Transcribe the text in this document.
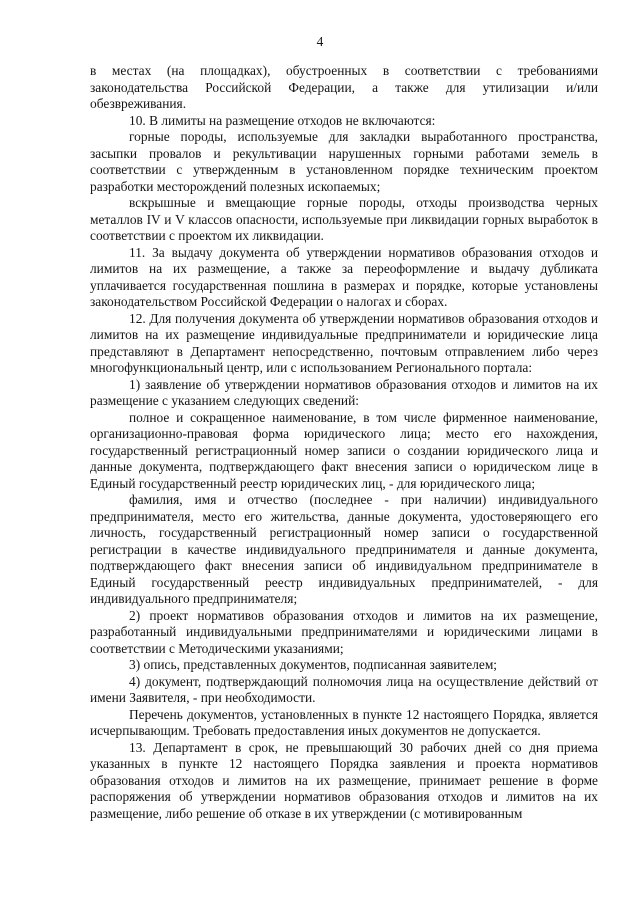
4

в местах (на площадках), обустроенных в соответствии с требованиями законодательства Российской Федерации, а также для утилизации и/или обезвреживания.

10. В лимиты на размещение отходов не включаются:

горные породы, используемые для закладки выработанного пространства, засыпки провалов и рекультивации нарушенных горными работами земель в соответствии с утвержденным в установленном порядке техническим проектом разработки месторождений полезных ископаемых;

вскрышные и вмещающие горные породы, отходы производства черных металлов IV и V классов опасности, используемые при ликвидации горных выработок в соответствии с проектом их ликвидации.

11. За выдачу документа об утверждении нормативов образования отходов и лимитов на их размещение, а также за переоформление и выдачу дубликата уплачивается государственная пошлина в размерах и порядке, которые установлены законодательством Российской Федерации о налогах и сборах.

12. Для получения документа об утверждении нормативов образования отходов и лимитов на их размещение индивидуальные предприниматели и юридические лица представляют в Департамент непосредственно, почтовым отправлением либо через многофункциональный центр, или с использованием Регионального портала:

1) заявление об утверждении нормативов образования отходов и лимитов на их размещение с указанием следующих сведений:

полное и сокращенное наименование, в том числе фирменное наименование, организационно-правовая форма юридического лица; место его нахождения, государственный регистрационный номер записи о создании юридического лица и данные документа, подтверждающего факт внесения записи о юридическом лице в Единый государственный реестр юридических лиц, - для юридического лица;

фамилия, имя и отчество (последнее - при наличии) индивидуального предпринимателя, место его жительства, данные документа, удостоверяющего его личность, государственный регистрационный номер записи о государственной регистрации в качестве индивидуального предпринимателя и данные документа, подтверждающего факт внесения записи об индивидуальном предпринимателе в Единый государственный реестр индивидуальных предпринимателей, - для индивидуального предпринимателя;

2) проект нормативов образования отходов и лимитов на их размещение, разработанный индивидуальными предпринимателями и юридическими лицами в соответствии с Методическими указаниями;

3) опись, представленных документов, подписанная заявителем;

4) документ, подтверждающий полномочия лица на осуществление действий от имени Заявителя, - при необходимости.

Перечень документов, установленных в пункте 12 настоящего Порядка, является исчерпывающим. Требовать предоставления иных документов не допускается.

13. Департамент в срок, не превышающий 30 рабочих дней со дня приема указанных в пункте 12 настоящего Порядка заявления и проекта нормативов образования отходов и лимитов на их размещение, принимает решение в форме распоряжения об утверждении нормативов образования отходов и лимитов на их размещение, либо решение об отказе в их утверждении (с мотивированным
